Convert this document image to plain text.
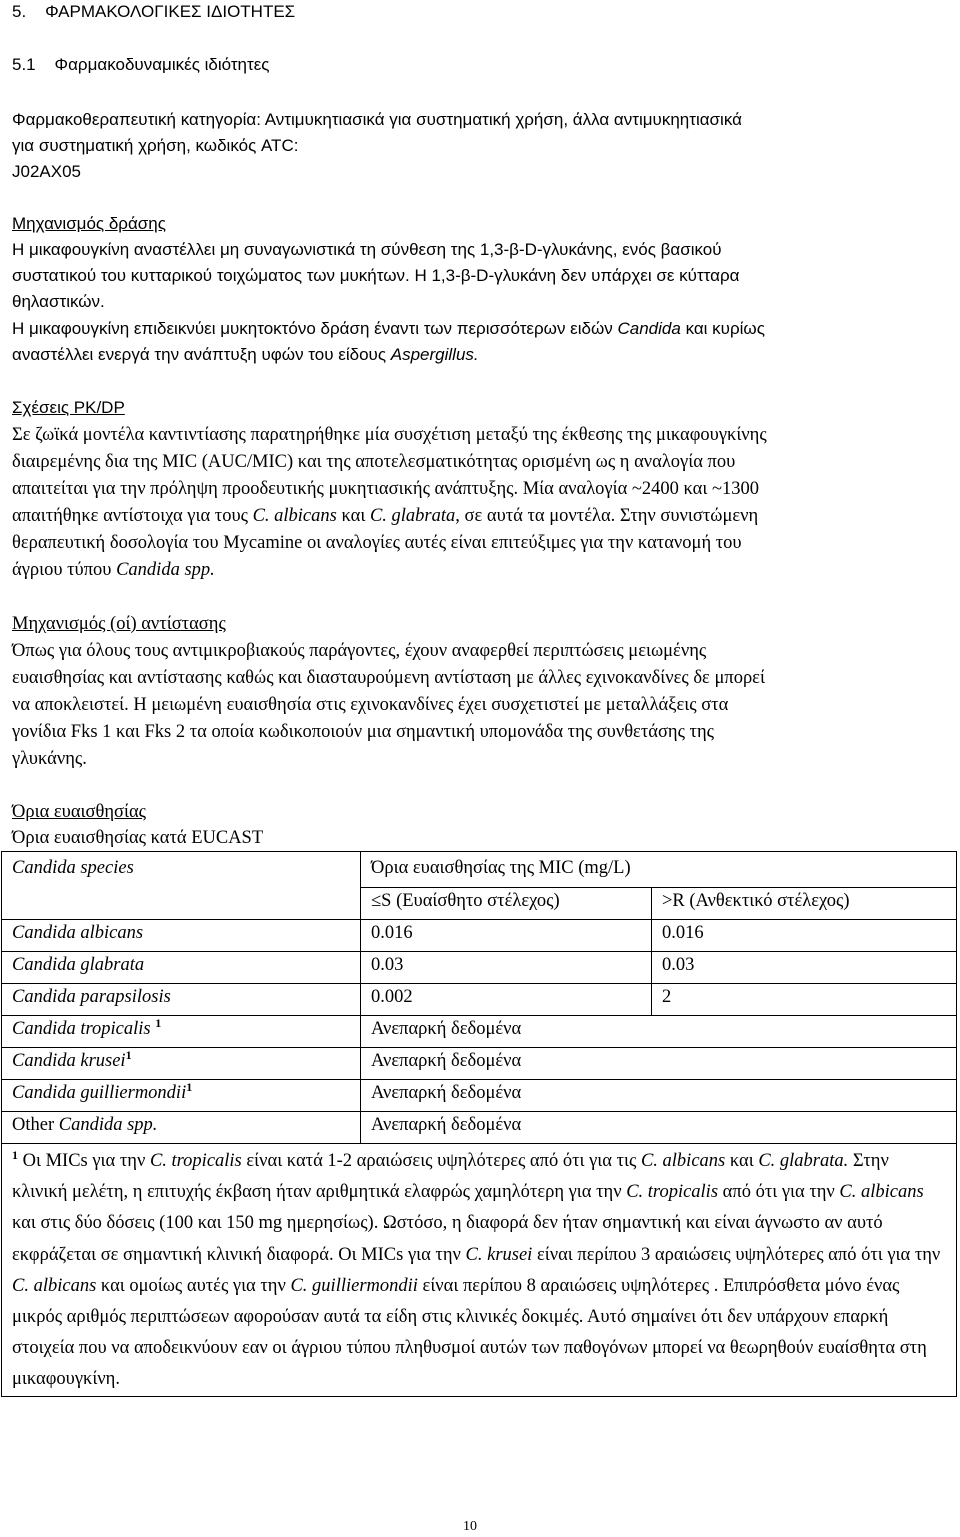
5.    ΦΑΡΜΑΚΟΛΟΓΙΚΕΣ ΙΔΙΟΤΗΤΕΣ
5.1    Φαρμακοδυναμικές ιδιότητες
Φαρμακοθεραπευτική κατηγορία: Αντιμυκητιασικά για συστηματική χρήση, άλλα αντιμυκηητιασικά
για συστηματική χρήση, κωδικός ATC:
J02AX05
Μηχανισμός δράσης
Η μικαφουγκίνη αναστέλλει μη συναγωνιστικά τη σύνθεση της 1,3-β-D-γλυκάνης, ενός βασικού
συστατικού του κυτταρικού τοιχώματος των μυκήτων. Η 1,3-β-D-γλυκάνη δεν υπάρχει σε κύτταρα
θηλαστικών.
Η μικαφουγκίνη επιδεικνύει μυκητοκτόνο δράση έναντι των περισσότερων ειδών Candida και κυρίως
αναστέλλει ενεργά την ανάπτυξη υφών του είδους Aspergillus.
Σχέσεις PK/DP
Σε ζωϊκά μοντέλα καντιντίασης παρατηρήθηκε μία συσχέτιση μεταξύ της έκθεσης της μικαφουγκίνης
διαιρεμένης δια της MIC (AUC/MIC) και της αποτελεσματικότητας ορισμένη ως η αναλογία που
απαιτείται για την πρόληψη προοδευτικής μυκητιασικής ανάπτυξης. Μία αναλογία ~2400 και ~1300
απαιτήθηκε αντίστοιχα για τους C. albicans και C. glabrata, σε αυτά τα μοντέλα. Στην συνιστώμενη
θεραπευτική δοσολογία του Mycamine οι αναλογίες αυτές είναι επιτεύξιμες για την κατανομή του
άγριου τύπου Candida spp.
Μηχανισμός (οί) αντίστασης
Όπως για όλους τους αντιμικροβιακούς παράγοντες, έχουν αναφερθεί περιπτώσεις μειωμένης
ευαισθησίας και αντίστασης καθώς και διασταυρούμενη αντίσταση με άλλες εχινοκανδίνες δε μπορεί
να αποκλειστεί. Η μειωμένη ευαισθησία στις εχινοκανδίνες έχει συσχετιστεί με μεταλλάξεις στα
γονίδια Fks 1 και Fks 2 τα οποία κωδικοποιούν μια σημαντική υπομονάδα της συνθετάσης της
γλυκάνης.
Όρια ευαισθησίας
Όρια ευαισθησίας κατά EUCAST
Candida species	Όρια ευαισθησίας της MIC (mg/L)	
	≤S (Ευαίσθητο στέλεχος)	>R (Ανθεκτικό στέλεχος)
Candida albicans	0.016	0.016
Candida glabrata	0.03	0.03
Candida parapsilosis	0.002	2
Candida tropicalis $^1$	Ανεπαρκή δεδομένα	
Candida krusei$^1$	Ανεπαρκή δεδομένα	
Candida guilliermondii$^1$	Ανεπαρκή δεδομένα	
Other Candida spp.	Ανεπαρκή δεδομένα	
$^1$ Οι MICs για την C. tropicalis είναι κατά 1-2 αραιώσεις υψηλότερες από ότι για τις C. albicans και C. glabrata. Στην κλινική μελέτη, η επιτυχής έκβαση ήταν αριθμητικά ελαφρώς χαμηλότερη για την C. tropicalis από ότι για την C. albicans και στις δύο δόσεις (100 και 150 mg ημερησίως). Ωστόσο, η διαφορά δεν ήταν σημαντική και είναι άγνωστο αν αυτό εκφράζεται σε σημαντική κλινική διαφορά. Οι MICs για την C. krusei είναι περίπου 3 αραιώσεις υψηλότερες από ότι για την C. albicans και ομοίως αυτές για την C. guilliermondii είναι περίπου 8 αραιώσεις υψηλότερες . Επιπρόσθετα μόνο ένας μικρός αριθμός περιπτώσεων αφορούσαν αυτά τα είδη στις κλινικές δοκιμές. Αυτό σημαίνει ότι δεν υπάρχουν επαρκή στοιχεία που να αποδεικνύουν εαν οι άγριου τύπου πληθυσμοί αυτών των παθογόνων μπορεί να θεωρηθούν ευαίσθητα στη μικαφουγκίνη.		
10
